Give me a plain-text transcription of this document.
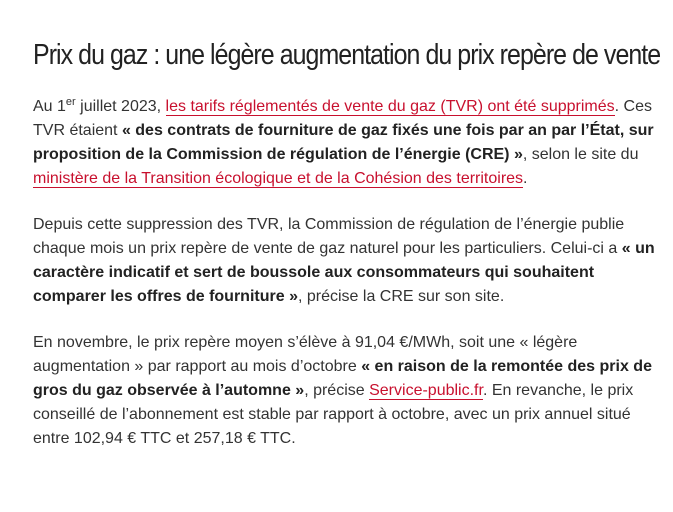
Prix du gaz : une légère augmentation du prix repère de vente

Au 1er juillet 2023, les tarifs réglementés de vente du gaz (TVR) ont été supprimés. Ces TVR étaient « des contrats de fourniture de gaz fixés une fois par an par l’État, sur proposition de la Commission de régulation de l’énergie (CRE) », selon le site du ministère de la Transition écologique et de la Cohésion des territoires.

Depuis cette suppression des TVR, la Commission de régulation de l’énergie publie chaque mois un prix repère de vente de gaz naturel pour les particuliers. Celui-ci a « un caractère indicatif et sert de boussole aux consommateurs qui souhaitent comparer les offres de fourniture », précise la CRE sur son site.

En novembre, le prix repère moyen s’élève à 91,04 €/MWh, soit une « légère augmentation » par rapport au mois d’octobre « en raison de la remontée des prix de gros du gaz observée à l’automne », précise Service-public.fr. En revanche, le prix conseillé de l’abonnement est stable par rapport à octobre, avec un prix annuel situé entre 102,94 € TTC et 257,18 € TTC.
